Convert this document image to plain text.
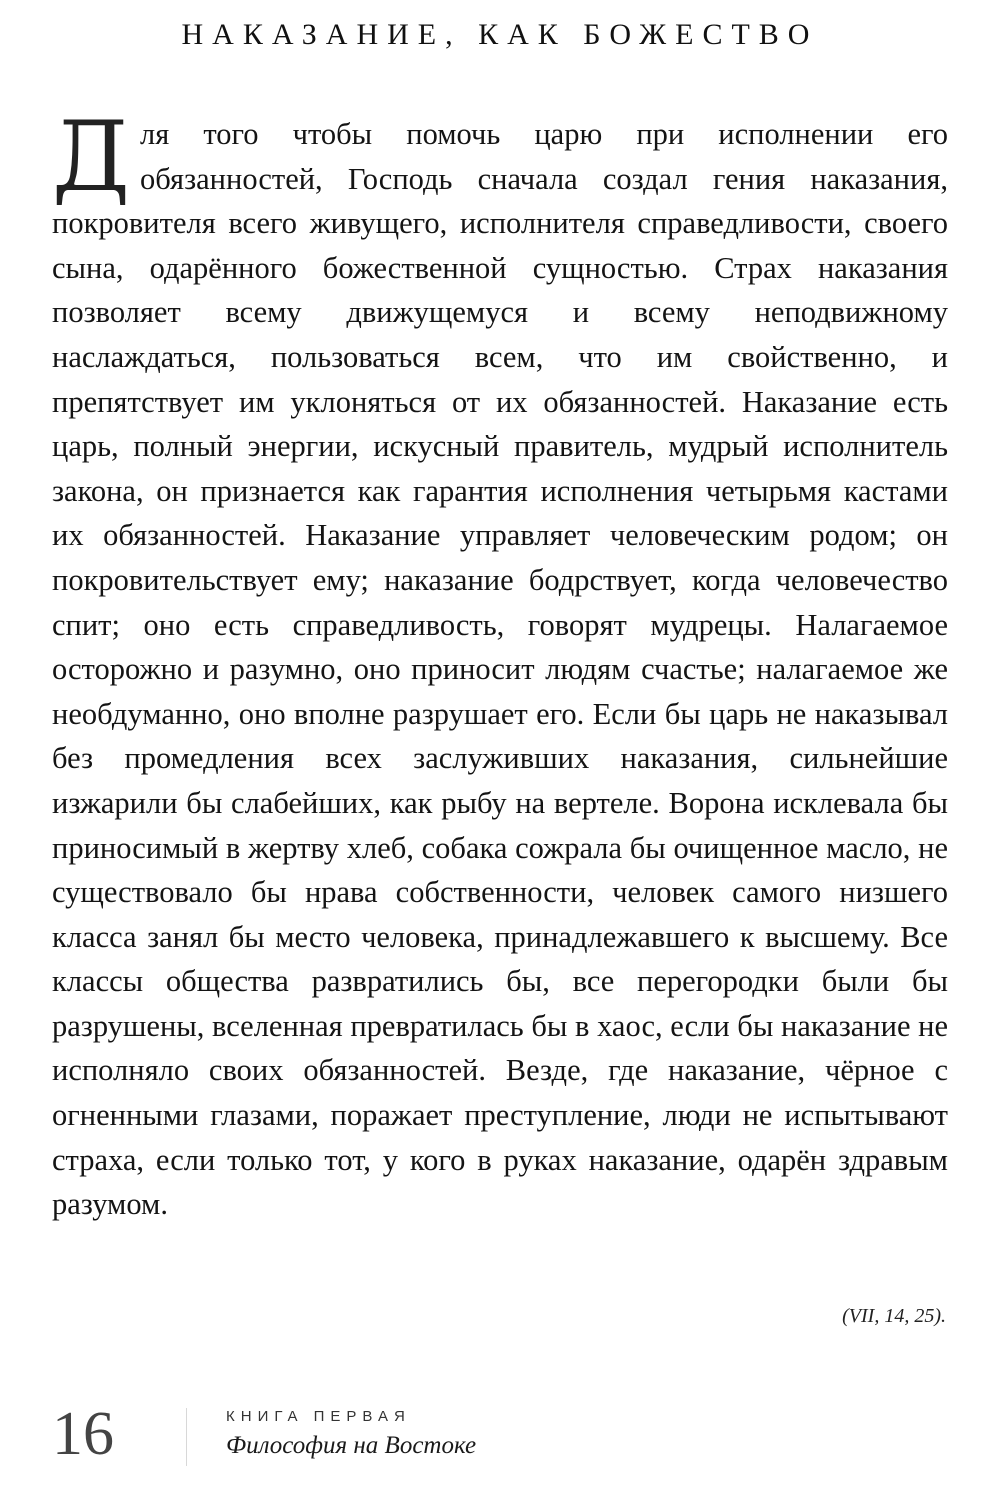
НАКАЗАНИЕ, КАК БОЖЕСТВО
Для того чтобы помочь царю при исполнении его обязанностей, Господь сначала создал гения наказания, покровителя всего живущего, исполнителя справедливости, своего сына, одарённого божественной сущностью. Страх наказания позволяет всему движущемуся и всему неподвижному наслаждаться, пользоваться всем, что им свойственно, и препятствует им уклоняться от их обязанностей. Наказание есть царь, полный энергии, искусный правитель, мудрый исполнитель закона, он признается как гарантия исполнения четырьмя кастами их обязанностей. Наказание управляет человеческим родом; он покровительствует ему; наказание бодрствует, когда человечество спит; оно есть справедливость, говорят мудрецы. Налагаемое осторожно и разумно, оно приносит людям счастье; налагаемое же необдуманно, оно вполне разрушает его. Если бы царь не наказывал без промедления всех заслуживших наказания, сильнейшие изжарили бы слабейших, как рыбу на вертеле. Ворона исклевала бы приносимый в жертву хлеб, собака сожрала бы очищенное масло, не существовало бы нрава собственности, человек самого низшего класса занял бы место человека, принадлежавшего к высшему. Все классы общества развратились бы, все перегородки были бы разрушены, вселенная превратилась бы в хаос, если бы наказание не исполняло своих обязанностей. Везде, где наказание, чёрное с огненными глазами, поражает преступление, люди не испытывают страха, если только тот, у кого в руках наказание, одарён здравым разумом.
(VII, 14, 25).
16	КНИГА ПЕРВАЯ
Философия на Востоке
